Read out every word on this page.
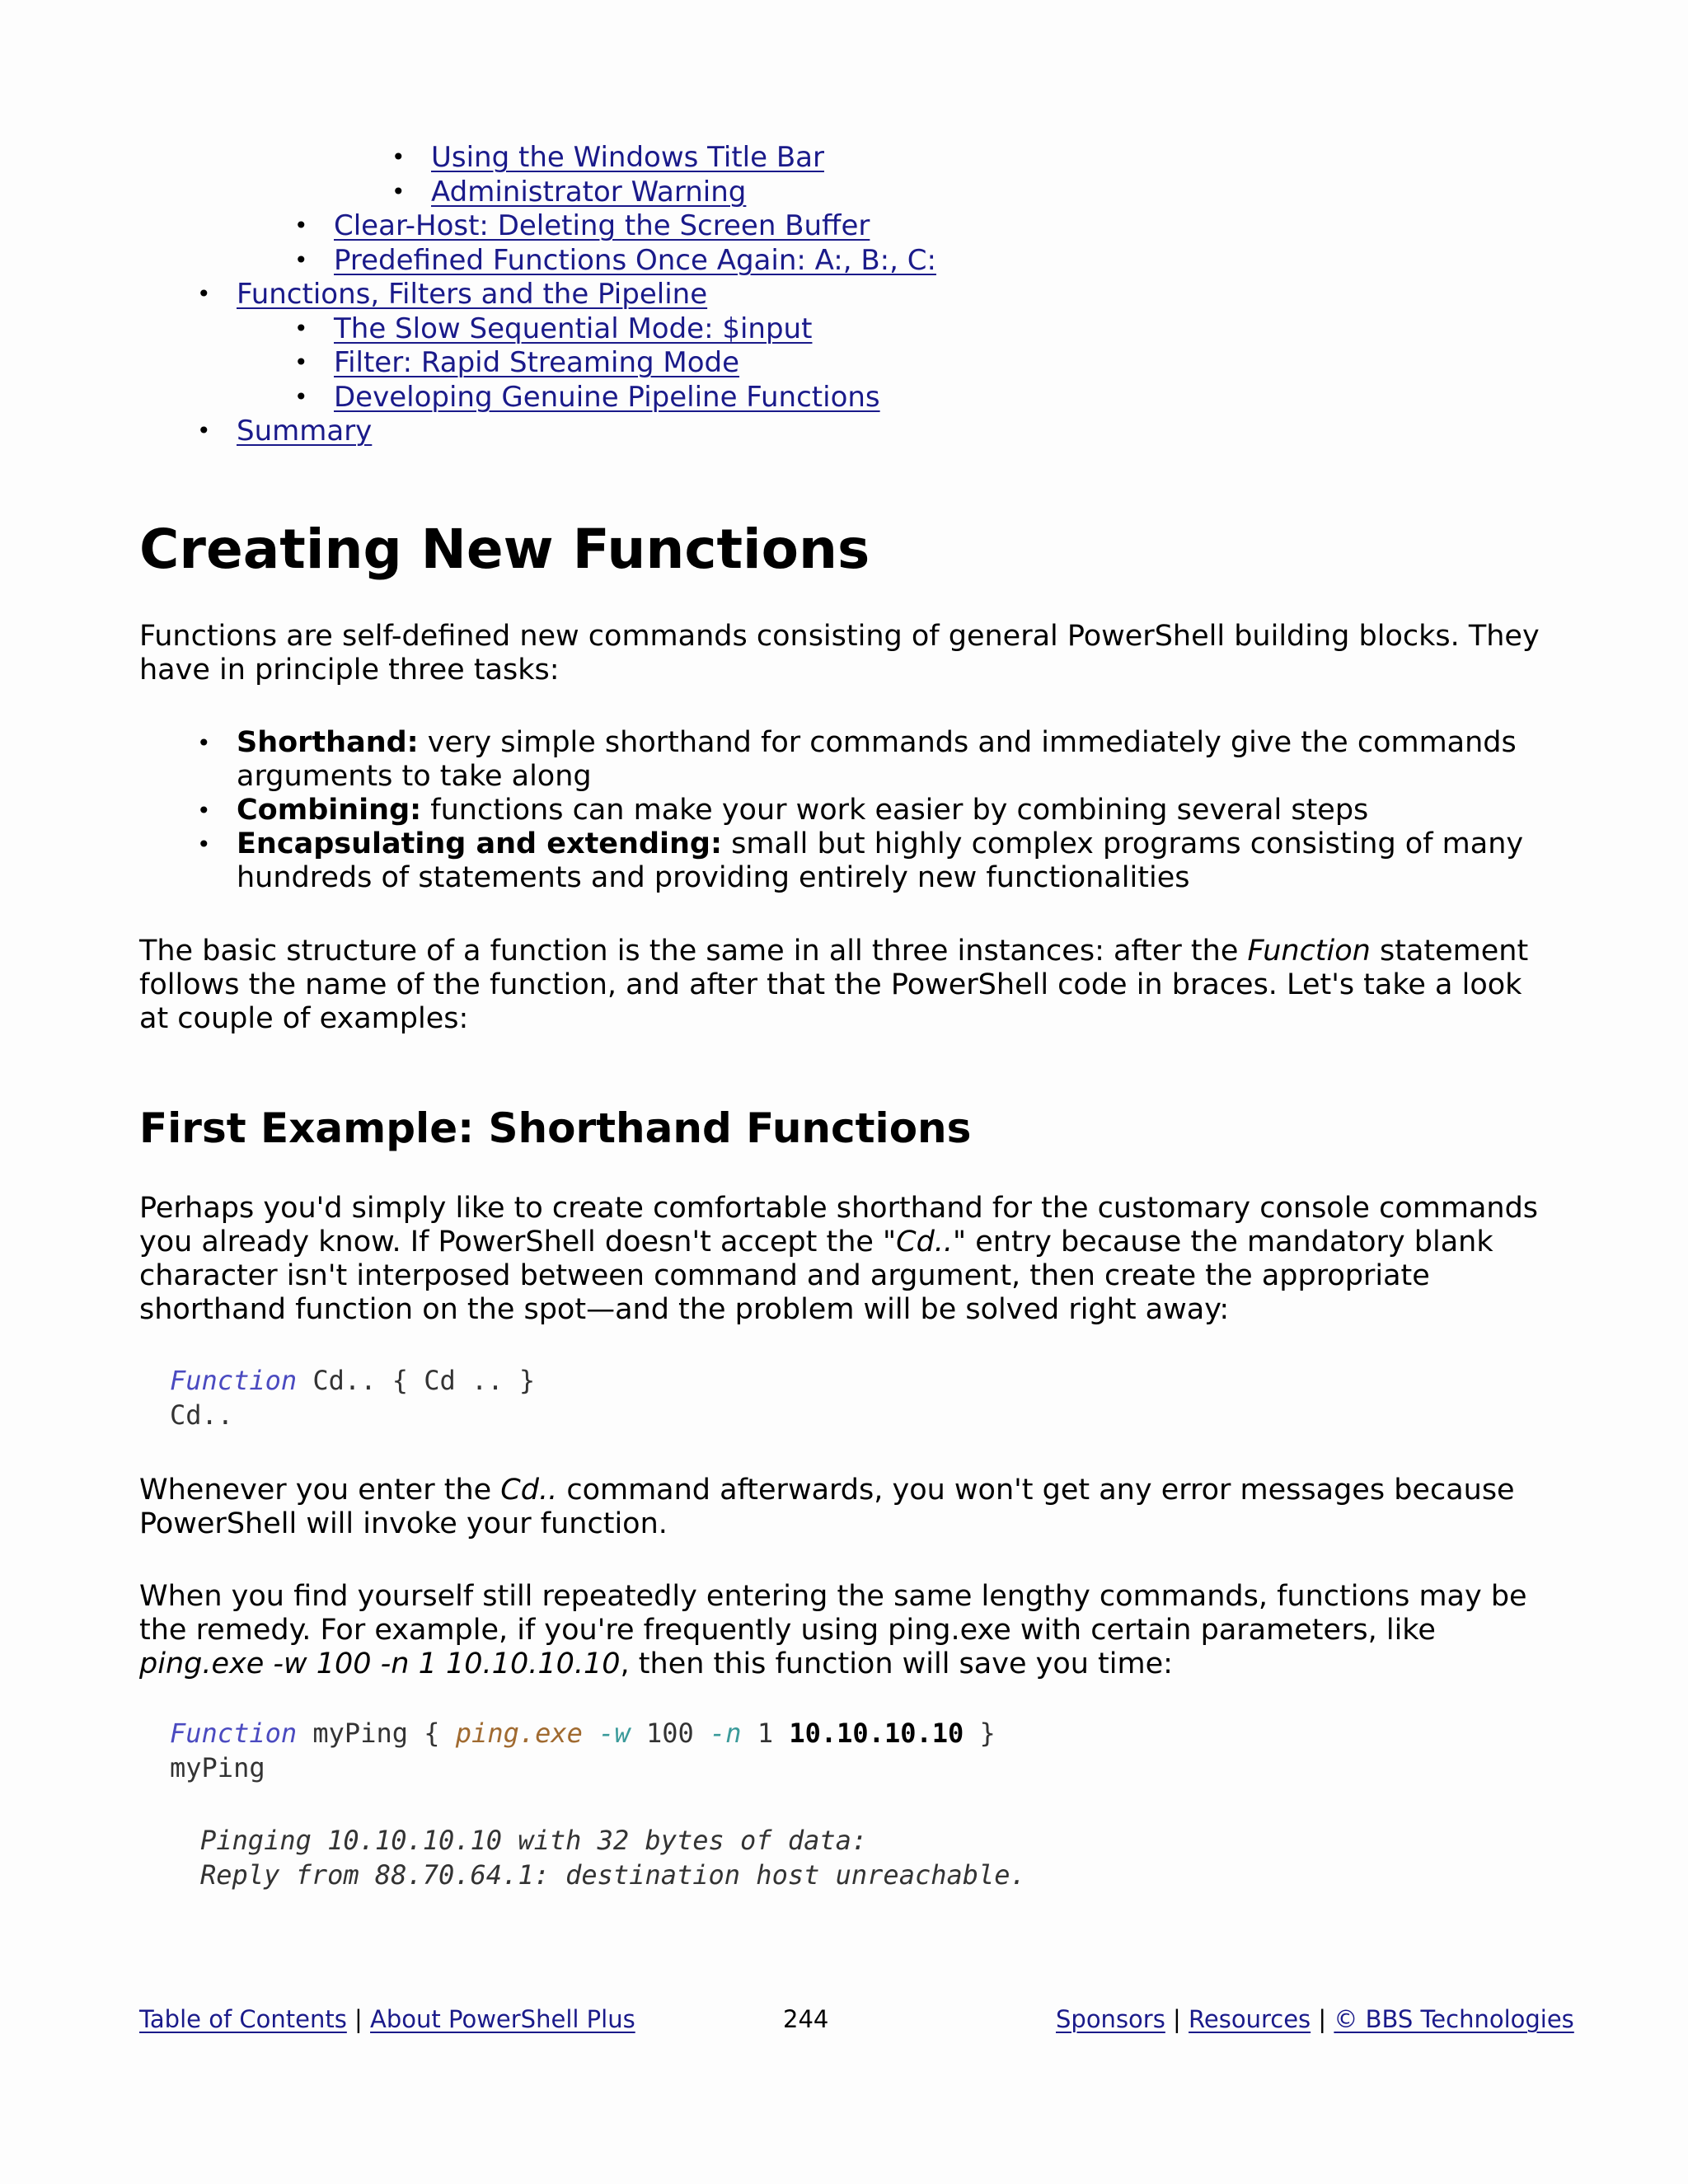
• Using the Windows Title Bar
• Administrator Warning
• Clear-Host: Deleting the Screen Buffer
• Predefined Functions Once Again: A:, B:, C:
• Functions, Filters and the Pipeline
• The Slow Sequential Mode: $input
• Filter: Rapid Streaming Mode
• Developing Genuine Pipeline Functions
• Summary
Creating New Functions

Functions are self-defined new commands consisting of general PowerShell building blocks. They have in principle three tasks:

• Shorthand: very simple shorthand for commands and immediately give the commands arguments to take along
• Combining: functions can make your work easier by combining several steps
• Encapsulating and extending: small but highly complex programs consisting of many hundreds of statements and providing entirely new functionalities

The basic structure of a function is the same in all three instances: after the Function statement follows the name of the function, and after that the PowerShell code in braces. Let's take a look at couple of examples:

First Example: Shorthand Functions

Perhaps you'd simply like to create comfortable shorthand for the customary console commands you already know. If PowerShell doesn't accept the "Cd.." entry because the mandatory blank character isn't interposed between command and argument, then create the appropriate shorthand function on the spot—and the problem will be solved right away:

Function Cd.. { Cd .. }
Cd..

Whenever you enter the Cd.. command afterwards, you won't get any error messages because PowerShell will invoke your function.

When you find yourself still repeatedly entering the same lengthy commands, functions may be the remedy. For example, if you're frequently using ping.exe with certain parameters, like ping.exe -w 100 -n 1 10.10.10.10, then this function will save you time:

Function myPing { ping.exe -w 100 -n 1 10.10.10.10 }
myPing
Pinging 10.10.10.10 with 32 bytes of data:
Reply from 88.70.64.1: destination host unreachable.
Table of Contents | About PowerShell Plus	244	Sponsors | Resources | © BBS Technologies
